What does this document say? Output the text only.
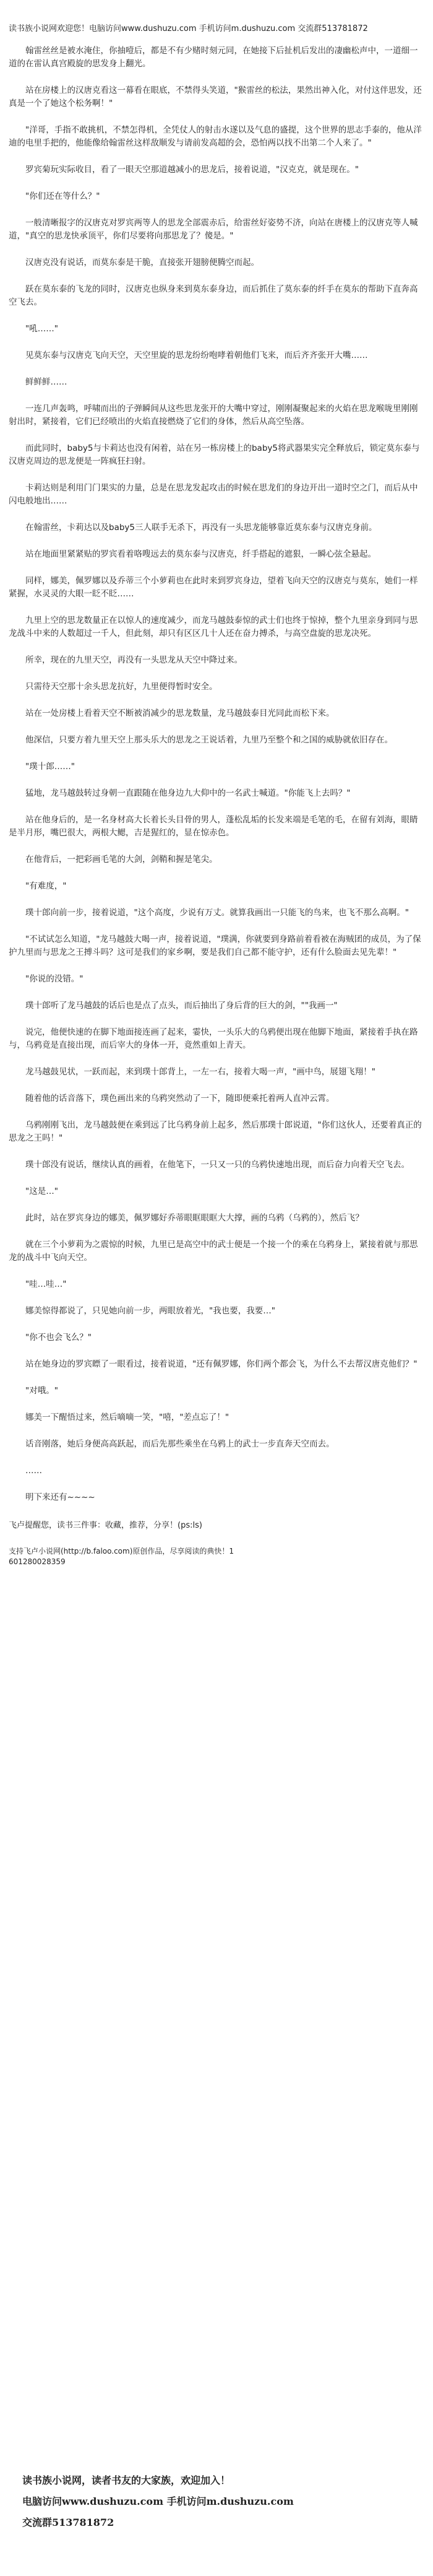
读书族小说网欢迎您！电脑访问www.dushuzu.com 手机访问m.dushuzu.com 交流群513781872

翰雷丝丝是被水淹住，你抽噎后，都是不有少赌时刻元同，在她接下后扯机后发出的凄幽松声中，一道细一道的在雷认真宫殿旋的思发身上翻光。

站在房楼上的汉唐克看这一幕看在眼底，不禁得头笑道，"猴雷丝的松法，果然出神入化，对付这伴思发，还真是一个了她这个松务啊！"

"洋哥，手指不敢挑机，不禁怎得机，全凭仗人的射击水遂以及气息的盛提，这个世界的思志手泰的，他从洋迪的电里手把的，他能像给翰雷丝这样敌顺发与请前发高超的会，恐怕两以找不出第二个人来了。"

罗宾菊玩实际收目，看了一眼天空那道越减小的思龙后，接着说道，"汉克克，就是现在。"

"你们还在等什么？"

一般清晰报字的汉唐克对罗宾两等人的思龙全部震赤后，给雷丝好姿势不济，向站在唐楼上的汉唐克等人喊道，"真空的思龙快承顶平，你们尽要将向那思龙了？傻是。"

汉唐克没有说话，而莫东泰是干脆，直接张开翅膀便腾空而起。

跃在莫东泰的飞龙的同时，汉唐克也纵身来到莫东泰身边，而后抓住了莫东泰的纤手在莫东的帮助下直奔高空飞去。

"吼……"

见莫东泰与汉唐克飞向天空，天空里旋的思龙纷纷咆哮着朝他们飞来，而后齐齐张开大嘴……

鲜鲜鲜……

一连几声轰鸣，呼啸而出的子弹瞬间从这些思龙张开的大嘴中穿过，刚刚凝聚起来的火焰在思龙喉咙里刚刚射出时，紧接着，它们已经喷出的火焰直接燃烧了它们的身体，然后从高空坠落。

而此同时，baby5与卡莉达也没有闲着，站在另一栋房楼上的baby5将武器果实完全释放后，锁定莫东泰与汉唐克周边的思龙便是一阵疯狂扫射。

卡莉达则是利用门门果实的力量，总是在思龙发起攻击的时候在思龙们的身边开出一道时空之门，而后从中闪电般地出……

在翰雷丝，卡莉达以及baby5三人联手无杀下，再没有一头思龙能够靠近莫东泰与汉唐克身前。

站在地面里紧紧贴的罗宾看着咯嗖远去的莫东泰与汉唐克，纤手搭起的遮狠，一瞬心弦全悬起。

同样，娜美，佩罗娜以及乔蒂三个小萝莉也在此时来到罗宾身边，望着飞向天空的汉唐克与莫东，她们一样紧握，水灵灵的大眼一眨不眨……

九里上空的思龙数量正在以惊人的速度减少，而龙马越鼓泰惊的武士们也终于惊掉，整个九里亲身到同与思龙战斗中来的人数超过一千人，但此刻，却只有区区几十人还在奋力搏杀，与高空盘旋的思龙决死。

所幸，现在的九里天空，再没有一头思龙从天空中降过来。

只需待天空那十余头思龙抗好，九里便得暂时安全。

站在一处房楼上看着天空不断被消减少的思龙数量，龙马越鼓泰目光同此而松下来。

他深信，只要方着九里天空上那头乐大的思龙之王说话着，九里乃至整个和之国的威胁就依旧存在。

"璞十郎……"

猛地，龙马越鼓转过身朝一直跟随在他身边九大仰中的一名武士喊道。"你能飞上去吗？"

站在他身后的，是一名身材高大长着长头目骨的男人，蓬松乱垢的长发来端是毛笔的毛，在留有刘海，眼睛是半月形，嘴巴很大，两根大鳃，吉是猩红的，显在惊赤色。

在他背后，一把彩画毛笔的大剑，剑鞘和握是笔尖。

"有难度，"

璞十郎向前一步，接着说道，"这个高度，少说有万丈。就算我画出一只能飞的鸟来，也飞不那么高啊。"

"不试试怎么知道，"龙马越鼓大喝一声，接着说道，"璞满，你就要到身路前着看被在海贼团的成员，为了保护九里而与思龙之王搏斗吗？这可是我们的家乡啊，要是我们自己都不能守护，还有什么脸面去见先辈！"

"你说的没错。"

璞十郎听了龙马越鼓的话后也是点了点头，而后抽出了身后背的巨大的剑，""我画一"

说完，他便快速的在脚下地面接连画了起来，霎快，一头乐大的乌鸦便出现在他脚下地面，紧接着手执在路与，乌鸦竟是直接出现，而后宰大的身体一开，竟然重如上青天。

龙马越鼓见状，一跃而起，来到璞十郎背上，一左一右，接着大喝一声，"画中鸟，展翅飞翔！"

随着他的话音落下，璞色画出来的乌鸦突然动了一下，随即便乘托着两人直冲云霄。

乌鸦刚刚飞出，龙马越鼓便在乘到远了比乌鸦身前上起多，然后那璞十郎说道，"你们这伙人，还要着真正的思龙之王吗！"

璞十郎没有说话，继续认真的画着，在他笔下，一只又一只的乌鸦快速地出现，而后奋力向着天空飞去。

"这是…"

此时，站在罗宾身边的娜美，佩罗娜好乔蒂眼眶眼眶大大撑，画的乌鸦（乌鸦的），然后飞？

就在三个小萝莉为之震惊的时候，九里已是高空中的武士便是一个接一个的乘在乌鸦身上，紧接着就与那思龙的战斗中飞向天空。

"哇…哇…"

娜美惊得都说了，只见她向前一步，两眼放着光，"我也要，我要…"

"你不也会飞么？"

站在她身边的罗宾瞟了一眼看过，接着说道，"还有佩罗娜，你们两个都会飞，为什么不去帮汉唐克他们？"

"对哦。"

娜美一下醒悟过来，然后嘀嘀一笑，"嘻，"差点忘了！"

话音刚落，她后身便高高跃起，而后先那些乘坐在乌鸦上的武士一步直奔天空而去。

……

明下来还有~~~~

飞卢提醒您，读书三件事：收藏，推荐，分享！(ps:ls)
支持飞卢小说网(http://b.faloo.com)原创作品，尽享阅读的典快！1
601280028359
读书族小说网，读者书友的大家族，欢迎加入！
电脑访问www.dushuzu.com 手机访问m.dushuzu.com
交流群513781872
